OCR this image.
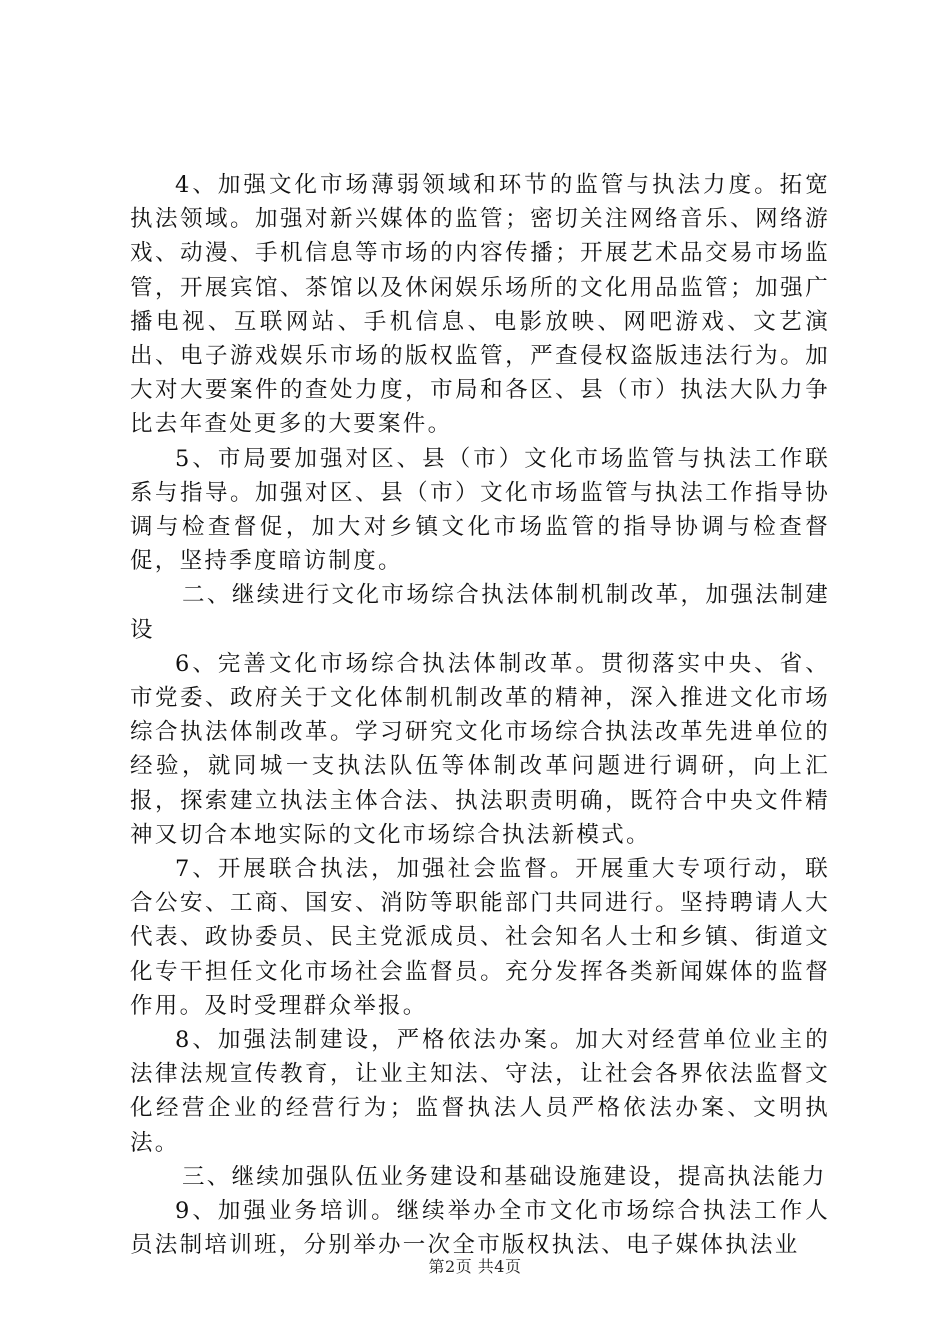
4、加强文化市场薄弱领域和环节的监管与执法力度。拓宽执法领域。加强对新兴媒体的监管；密切关注网络音乐、网络游戏、动漫、手机信息等市场的内容传播；开展艺术品交易市场监管，开展宾馆、茶馆以及休闲娱乐场所的文化用品监管；加强广播电视、互联网站、手机信息、电影放映、网吧游戏、文艺演出、电子游戏娱乐市场的版权监管，严查侵权盗版违法行为。加大对大要案件的查处力度，市局和各区、县（市）执法大队力争比去年查处更多的大要案件。

5、市局要加强对区、县（市）文化市场监管与执法工作联系与指导。加强对区、县（市）文化市场监管与执法工作指导协调与检查督促，加大对乡镇文化市场监管的指导协调与检查督促，坚持季度暗访制度。

二、继续进行文化市场综合执法体制机制改革，加强法制建设

6、完善文化市场综合执法体制改革。贯彻落实中央、省、市党委、政府关于文化体制机制改革的精神，深入推进文化市场综合执法体制改革。学习研究文化市场综合执法改革先进单位的经验，就同城一支执法队伍等体制改革问题进行调研，向上汇报，探索建立执法主体合法、执法职责明确，既符合中央文件精神又切合本地实际的文化市场综合执法新模式。

7、开展联合执法，加强社会监督。开展重大专项行动，联合公安、工商、国安、消防等职能部门共同进行。坚持聘请人大代表、政协委员、民主党派成员、社会知名人士和乡镇、街道文化专干担任文化市场社会监督员。充分发挥各类新闻媒体的监督作用。及时受理群众举报。

8、加强法制建设，严格依法办案。加大对经营单位业主的法律法规宣传教育，让业主知法、守法，让社会各界依法监督文化经营企业的经营行为；监督执法人员严格依法办案、文明执法。

三、继续加强队伍业务建设和基础设施建设，提高执法能力

9、加强业务培训。继续举办全市文化市场综合执法工作人员法制培训班，分别举办一次全市版权执法、电子媒体执法业

第2页 共4页
